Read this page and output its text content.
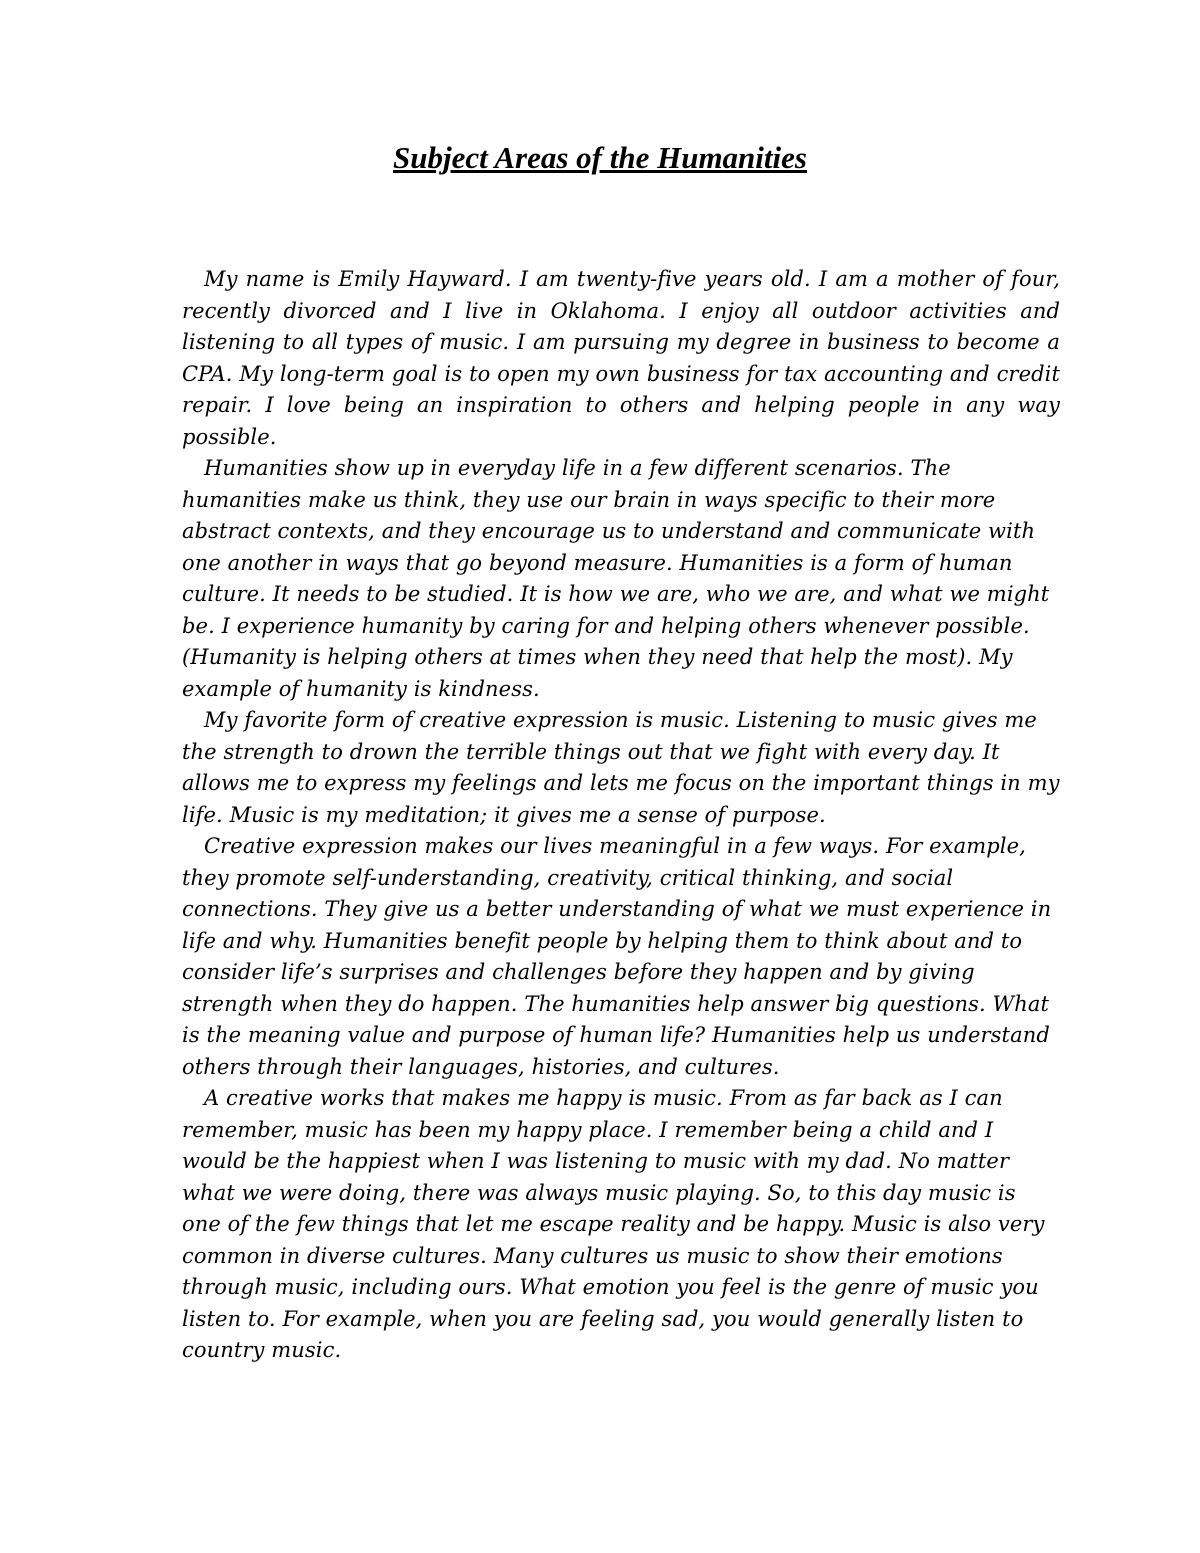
Subject Areas of the Humanities

My name is Emily Hayward. I am twenty-five years old. I am a mother of four, recently divorced and I live in Oklahoma. I enjoy all outdoor activities and listening to all types of music. I am pursuing my degree in business to become a CPA. My long-term goal is to open my own business for tax accounting and credit repair. I love being an inspiration to others and helping people in any way possible.

Humanities show up in everyday life in a few different scenarios. The humanities make us think, they use our brain in ways specific to their more abstract contexts, and they encourage us to understand and communicate with one another in ways that go beyond measure. Humanities is a form of human culture. It needs to be studied. It is how we are, who we are, and what we might be. I experience humanity by caring for and helping others whenever possible. (Humanity is helping others at times when they need that help the most). My example of humanity is kindness.

My favorite form of creative expression is music. Listening to music gives me the strength to drown the terrible things out that we fight with every day. It allows me to express my feelings and lets me focus on the important things in my life. Music is my meditation; it gives me a sense of purpose.

Creative expression makes our lives meaningful in a few ways. For example, they promote self-understanding, creativity, critical thinking, and social connections. They give us a better understanding of what we must experience in life and why. Humanities benefit people by helping them to think about and to consider life’s surprises and challenges before they happen and by giving strength when they do happen. The humanities help answer big questions. What is the meaning value and purpose of human life? Humanities help us understand others through their languages, histories, and cultures.

A creative works that makes me happy is music. From as far back as I can remember, music has been my happy place. I remember being a child and I would be the happiest when I was listening to music with my dad. No matter what we were doing, there was always music playing. So, to this day music is one of the few things that let me escape reality and be happy. Music is also very common in diverse cultures. Many cultures us music to show their emotions through music, including ours. What emotion you feel is the genre of music you listen to. For example, when you are feeling sad, you would generally listen to country music.
